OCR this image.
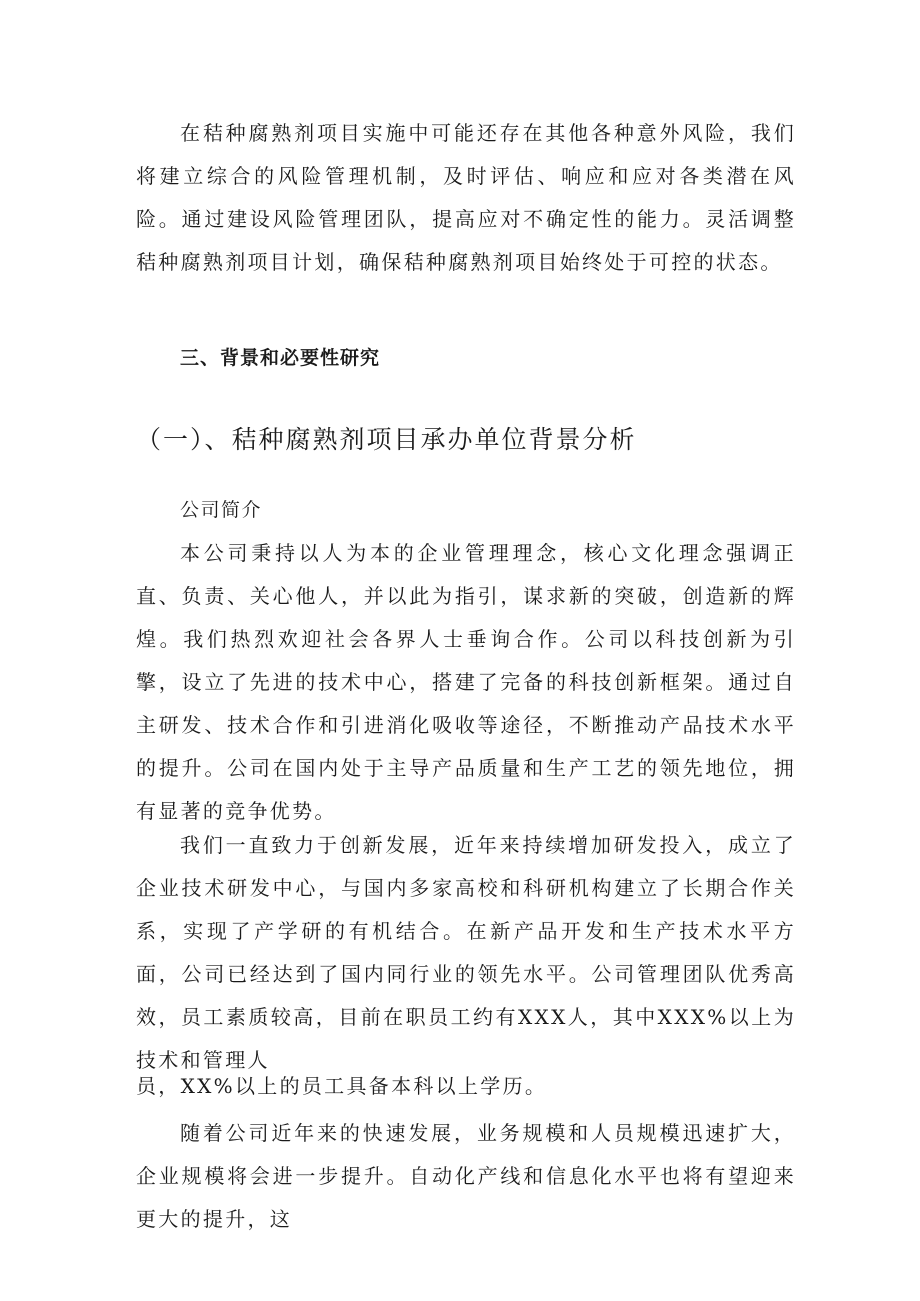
在秸种腐熟剂项目实施中可能还存在其他各种意外风险，我们将建立综合的风险管理机制，及时评估、响应和应对各类潜在风险。通过建设风险管理团队，提高应对不确定性的能力。灵活调整秸种腐熟剂项目计划，确保秸种腐熟剂项目始终处于可控的状态。

三、背景和必要性研究

（一）、秸种腐熟剂项目承办单位背景分析

公司简介

本公司秉持以人为本的企业管理理念，核心文化理念强调正直、负责、关心他人，并以此为指引，谋求新的突破，创造新的辉煌。我们热烈欢迎社会各界人士垂询合作。公司以科技创新为引擎，设立了先进的技术中心，搭建了完备的科技创新框架。通过自主研发、技术合作和引进消化吸收等途径，不断推动产品技术水平的提升。公司在国内处于主导产品质量和生产工艺的领先地位，拥有显著的竞争优势。

我们一直致力于创新发展，近年来持续增加研发投入，成立了企业技术研发中心，与国内多家高校和科研机构建立了长期合作关系，实现了产学研的有机结合。在新产品开发和生产技术水平方面，公司已经达到了国内同行业的领先水平。公司管理团队优秀高效，员工素质较高，目前在职员工约有XXX人，其中XXX%以上为技术和管理人

员，XX%以上的员工具备本科以上学历。

随着公司近年来的快速发展，业务规模和人员规模迅速扩大，企业规模将会进一步提升。自动化产线和信息化水平也将有望迎来更大的提升，这
